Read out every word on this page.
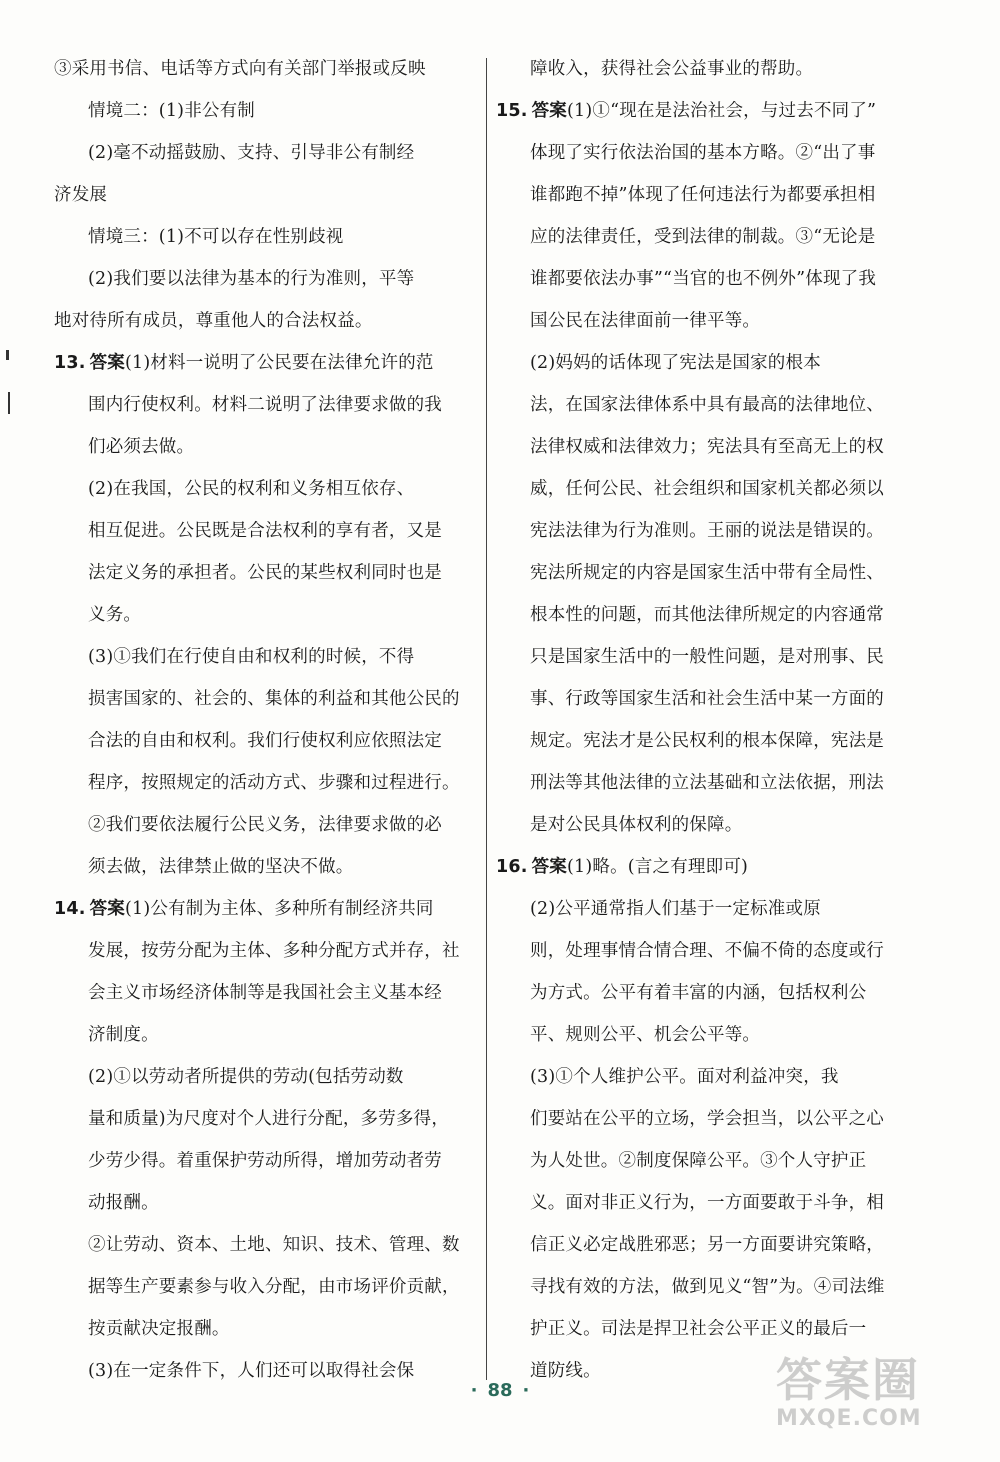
③采用书信、电话等方式向有关部门举报或反映
情境二：(1)非公有制
(2)毫不动摇鼓励、支持、引导非公有制经
济发展
情境三：(1)不可以存在性别歧视
(2)我们要以法律为基本的行为准则，平等
地对待所有成员，尊重他人的合法权益。
13. 答案(1)材料一说明了公民要在法律允许的范
围内行使权利。材料二说明了法律要求做的我
们必须去做。
(2)在我国，公民的权利和义务相互依存、
相互促进。公民既是合法权利的享有者，又是
法定义务的承担者。公民的某些权利同时也是
义务。
(3)①我们在行使自由和权利的时候，不得
损害国家的、社会的、集体的利益和其他公民的
合法的自由和权利。我们行使权利应依照法定
程序，按照规定的活动方式、步骤和过程进行。
②我们要依法履行公民义务，法律要求做的必
须去做，法律禁止做的坚决不做。
14. 答案(1)公有制为主体、多种所有制经济共同
发展，按劳分配为主体、多种分配方式并存，社
会主义市场经济体制等是我国社会主义基本经
济制度。
(2)①以劳动者所提供的劳动(包括劳动数
量和质量)为尺度对个人进行分配，多劳多得，
少劳少得。着重保护劳动所得，增加劳动者劳
动报酬。
②让劳动、资本、土地、知识、技术、管理、数
据等生产要素参与收入分配，由市场评价贡献，
按贡献决定报酬。
(3)在一定条件下，人们还可以取得社会保
障收入，获得社会公益事业的帮助。
15. 答案(1)①“现在是法治社会，与过去不同了”
体现了实行依法治国的基本方略。②“出了事
谁都跑不掉”体现了任何违法行为都要承担相
应的法律责任，受到法律的制裁。③“无论是
谁都要依法办事”“当官的也不例外”体现了我
国公民在法律面前一律平等。
(2)妈妈的话体现了宪法是国家的根本
法，在国家法律体系中具有最高的法律地位、
法律权威和法律效力；宪法具有至高无上的权
威，任何公民、社会组织和国家机关都必须以
宪法法律为行为准则。王丽的说法是错误的。
宪法所规定的内容是国家生活中带有全局性、
根本性的问题，而其他法律所规定的内容通常
只是国家生活中的一般性问题，是对刑事、民
事、行政等国家生活和社会生活中某一方面的
规定。宪法才是公民权利的根本保障，宪法是
刑法等其他法律的立法基础和立法依据，刑法
是对公民具体权利的保障。
16. 答案(1)略。(言之有理即可)
(2)公平通常指人们基于一定标准或原
则，处理事情合情合理、不偏不倚的态度或行
为方式。公平有着丰富的内涵，包括权利公
平、规则公平、机会公平等。
(3)①个人维护公平。面对利益冲突，我
们要站在公平的立场，学会担当，以公平之心
为人处世。②制度保障公平。③个人守护正
义。面对非正义行为，一方面要敢于斗争，相
信正义必定战胜邪恶；另一方面要讲究策略，
寻找有效的方法，做到见义“智”为。④司法维
护正义。司法是捍卫社会公平正义的最后一
道防线。
· 88 ·	答案圈
MXQE.COM
